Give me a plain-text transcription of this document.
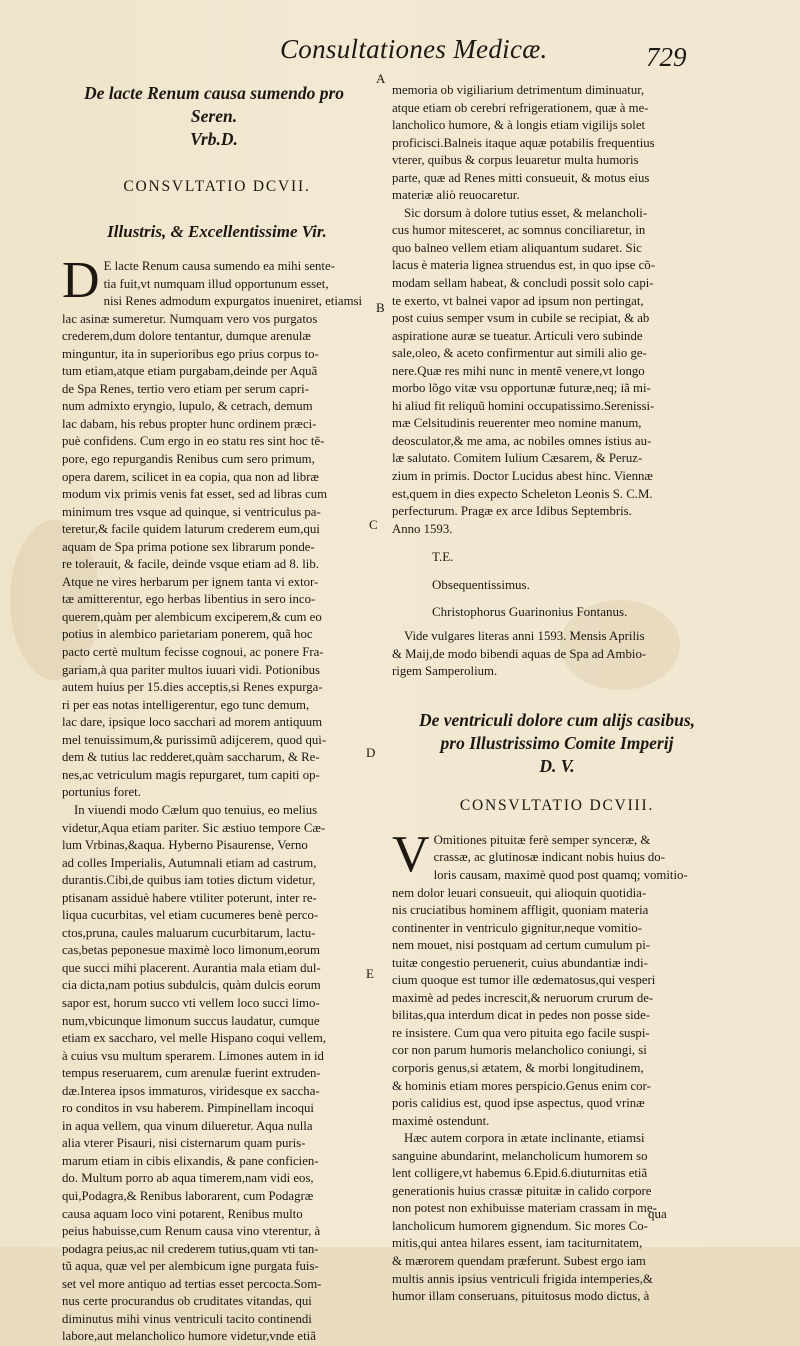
Consultationes Medicæ.	729
A
B
C
D
E

De lacte Renum causa sumendo pro Seren.
Vrb.D.

CONSVLTATIO DCVII.

Illustris, & Excellentissime Vir.

D E lacte Renum causa sumendo ea mihi sente-
tia fuit,vt numquam illud opportunum esset,
nisi Renes admodum expurgatos inueniret, etiamsi
lac asinæ sumeretur. Numquam vero vos purgatos
crederem,dum dolore tentantur, dumque arenulæ
minguntur, ita in superioribus ego prius corpus to-
tum etiam,atque etiam purgabam,deinde per Aquã
de Spa Renes, tertio vero etiam per serum capri-
num admixto eryngio, lupulo, & cetrach, demum
lac dabam, his rebus propter hunc ordinem præci-
puè confidens. Cum ergo in eo statu res sint hoc tẽ-
pore, ego repurgandis Renibus cum sero primum,
opera darem, scilicet in ea copia, qua non ad libræ
modum vix primis venis fat esset, sed ad libras cum
minimum tres vsque ad quinque, si ventriculus pa-
teretur,& facile quidem laturum crederem eum,qui
aquam de Spa prima potione sex librarum ponde-
re tolerauit, & facile, deinde vsque etiam ad 8. lib.
Atque ne vires herbarum per ignem tanta vi extor-
tæ amitterentur, ego herbas libentius in sero inco-
querem,quàm per alembicum exciperem,& cum eo
potius in alembico parietariam ponerem, quã hoc
pacto certè multum fecisse cognoui, ac ponere Fra-
gariam,à qua pariter multos iuuari vidi. Potionibus
autem huius per 15.dies acceptis,si Renes expurga-
ri per eas notas intelligerentur, ego tunc demum,
lac dare, ipsique loco sacchari ad morem antiquum
mel tenuissimum,& purissimũ adijcerem, quod qui-
dem & tutius lac redderet,quàm saccharum, & Re-
nes,ac vetriculum magis repurgaret, tum capiti op-
portunius foret.
In viuendi modo Cælum quo tenuius, eo melius
videtur,Aqua etiam pariter. Sic æstiuo tempore Cæ-
lum Vrbinas,&aqua. Hyberno Pisaurense, Verno
ad colles Imperialis, Autumnali etiam ad castrum,
durantis.Cibi,de quibus iam toties dictum videtur,
ptisanam assiduè habere vtiliter poterunt, inter re-
liqua cucurbitas, vel etiam cucumeres benè perco-
ctos,pruna, caules maluarum cucurbitarum, lactu-
cas,betas peponesue maximè loco limonum,eorum
que succi mihi placerent. Aurantia mala etiam dul-
cia dicta,nam potius subdulcis, quàm dulcis eorum
sapor est, horum succo vti vellem loco succi limo-
num,vbicunque limonum succus laudatur, cumque
etiam ex saccharo, vel melle Hispano coqui vellem,
à cuius vsu multum sperarem. Limones autem in id
tempus reseruarem, cum arenulæ fuerint extruden-
dæ.Interea ipsos immaturos, viridesque ex saccha-
ro conditos in vsu haberem. Pimpinellam incoqui
in aqua vellem, qua vinum dilueretur. Aqua nulla
alia vterer Pisauri, nisi cisternarum quam puris-
marum etiam in cibis elixandis, & pane conficien-
do. Multum porro ab aqua timerem,nam vidi eos,
qui,Podagra,& Renibus laborarent, cum Podagræ
causa aquam loco vini potarent, Renibus multo
peius habuisse,cum Renum causa vino vterentur, à
podagra peius,ac nil crederem tutius,quam vti tan-
tũ aqua, quæ vel per alembicum igne purgata fuis-
set vel more antiquo ad tertias esset percocta.Som-
nus certe procurandus ob cruditates vitandas, qui
diminutus mihi vinus ventriculi tacito continendi
labore,aut melancholico humore videtur,vnde etiã
memoria ob vigiliarium detrimentum diminuatur,
atque etiam ob cerebri refrigerationem, quæ à me-
lancholico humore, & à longis etiam vigilijs solet
proficisci.Balneis itaque aquæ potabilis frequentius
vterer, quibus & corpus leuaretur multa humoris
parte, quæ ad Renes mitti consueuit, & motus eius
materiæ aliò reuocaretur.
Sic dorsum à dolore tutius esset, & melancholi-
cus humor mitesceret, ac somnus conciliaretur, in
quo balneo vellem etiam aliquantum sudaret. Sic
lacus è materia lignea struendus est, in quo ipse cõ-
modam sellam habeat, & concludi possit solo capi-
te exerto, vt balnei vapor ad ipsum non pertingat,
post cuius semper vsum in cubile se recipiat, & ab
aspiratione auræ se tueatur. Articuli vero subinde
sale,oleo, & aceto confirmentur aut simili alio ge-
nere.Quæ res mihi nunc in mentẽ venere,vt longo
morbo lõgo vitæ vsu opportunæ futuræ,neq; iã mi-
hi aliud fit reliquũ homini occupatissimo.Serenissi-
mæ Celsitudinis reuerenter meo nomine manum,
deosculator,& me ama, ac nobiles omnes istius au-
læ salutato. Comitem Iulium Cæsarem, & Peruz-
zium in primis. Doctor Lucidus abest hinc. Viennæ
est,quem in dies expecto Scheleton Leonis S. C.M.
perfecturum. Pragæ ex arce Idibus Septembris.
Anno 1593.

T.E.

Obsequentissimus.

Christophorus Guarinonius Fontanus.

Vide vulgares literas anni 1593. Mensis Aprilis
& Maij,de modo bibendi aquas de Spa ad Ambio-
rigem Samperolium.

De ventriculi dolore cum alijs casibus,
pro Illustrissimo Comite Imperij
D. V.

CONSVLTATIO DCVIII.

V Omitiones pituitæ ferè semper synceræ, &
crassæ, ac glutinosæ indicant nobis huius do-
loris causam, maximè quod post quamq; vomitio-
nem dolor leuari consueuit, qui alioquin quotidia-
nis cruciatibus hominem affligit, quoniam materia
continenter in ventriculo gignitur,neque vomitio-
nem mouet, nisi postquam ad certum cumulum pi-
tuitæ congestio peruenerit, cuius abundantiæ indi-
cium quoque est tumor ille œdematosus,qui vesperi
maximè ad pedes increscit,& neruorum crurum de-
bilitas,qua interdum dicat in pedes non posse side-
re insistere. Cum qua vero pituita ego facile suspi-
cor non parum humoris melancholico coniungi, si
corporis genus,si ætatem, & morbi longitudinem,
& hominis etiam mores perspicio.Genus enim cor-
poris calidius est, quod ipse aspectus, quod vrinæ
maximè ostendunt.
Hæc autem corpora in ætate inclinante, etiamsi
sanguine abundarint, melancholicum humorem so
lent colligere,vt habemus 6.Epid.6.diuturnitas etiã
generationis huius crassæ pituitæ in calido corpore
non potest non exhibuisse materiam crassam in me-
lancholicum humorem gignendum. Sic mores Co-
mitis,qui antea hilares essent, iam taciturnitatem,
& mærorem quendam præferunt. Subest ergo iam
multis annis ipsius ventriculi frigida intemperies,&
humor illam conseruans, pituitosus modo dictus, à
qua
